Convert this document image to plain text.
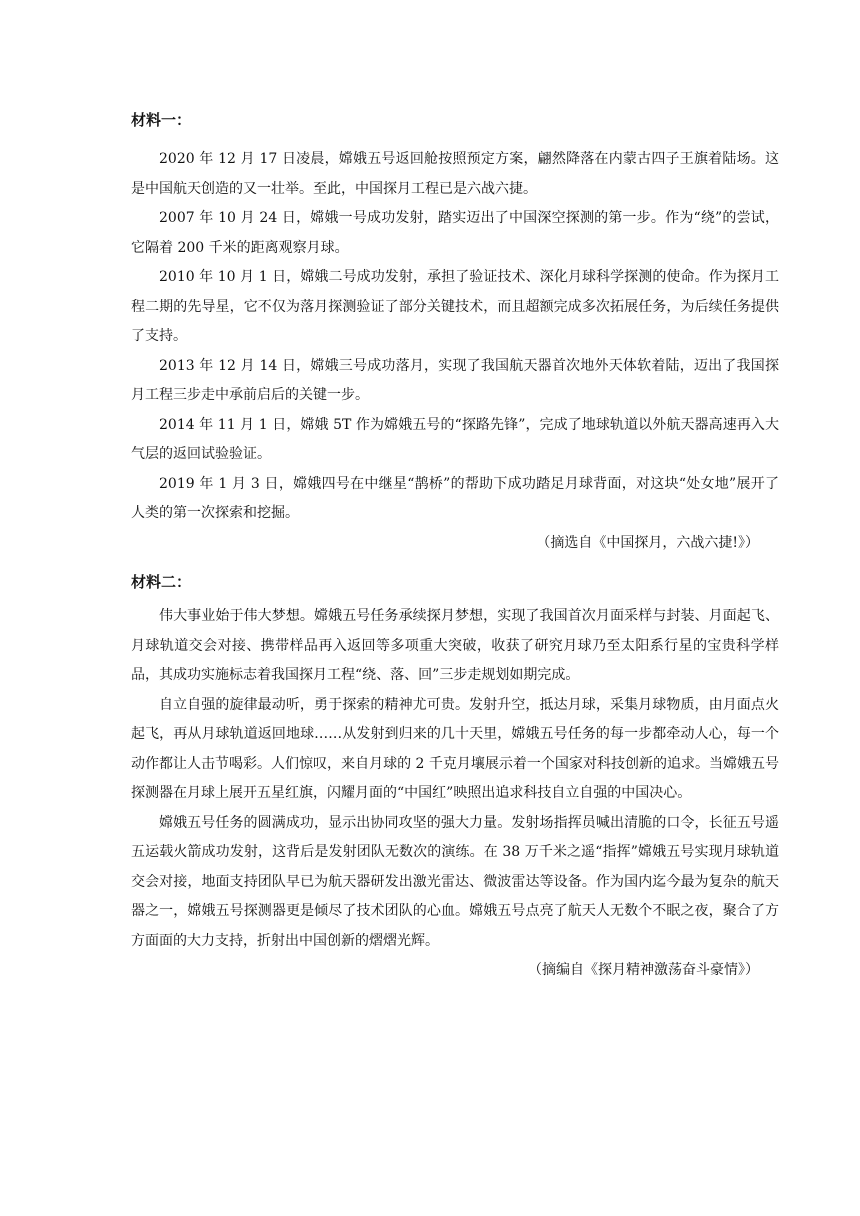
材料一：

2020 年 12 月 17 日凌晨，嫦娥五号返回舱按照预定方案，翩然降落在内蒙古四子王旗着陆场。这是中国航天创造的又一壮举。至此，中国探月工程已是六战六捷。

2007 年 10 月 24 日，嫦娥一号成功发射，踏实迈出了中国深空探测的第一步。作为“绕”的尝试，它隔着 200 千米的距离观察月球。

2010 年 10 月 1 日，嫦娥二号成功发射，承担了验证技术、深化月球科学探测的使命。作为探月工程二期的先导星，它不仅为落月探测验证了部分关键技术，而且超额完成多次拓展任务，为后续任务提供了支持。

2013 年 12 月 14 日，嫦娥三号成功落月，实现了我国航天器首次地外天体软着陆，迈出了我国探月工程三步走中承前启后的关键一步。

2014 年 11 月 1 日，嫦娥 5T 作为嫦娥五号的“探路先锋”，完成了地球轨道以外航天器高速再入大气层的返回试验验证。

2019 年 1 月 3 日，嫦娥四号在中继星“鹊桥”的帮助下成功踏足月球背面，对这块“处女地”展开了人类的第一次探索和挖掘。

（摘选自《中国探月，六战六捷!》）

材料二：

伟大事业始于伟大梦想。嫦娥五号任务承续探月梦想，实现了我国首次月面采样与封装、月面起飞、月球轨道交会对接、携带样品再入返回等多项重大突破，收获了研究月球乃至太阳系行星的宝贵科学样品，其成功实施标志着我国探月工程“绕、落、回”三步走规划如期完成。

自立自强的旋律最动听，勇于探索的精神尤可贵。发射升空，抵达月球，采集月球物质，由月面点火起飞，再从月球轨道返回地球……从发射到归来的几十天里，嫦娥五号任务的每一步都牵动人心，每一个动作都让人击节喝彩。人们惊叹，来自月球的 2 千克月壤展示着一个国家对科技创新的追求。当嫦娥五号探测器在月球上展开五星红旗，闪耀月面的“中国红”映照出追求科技自立自强的中国决心。

嫦娥五号任务的圆满成功，显示出协同攻坚的强大力量。发射场指挥员喊出清脆的口令，长征五号遥五运载火箭成功发射，这背后是发射团队无数次的演练。在 38 万千米之遥“指挥”嫦娥五号实现月球轨道交会对接，地面支持团队早已为航天器研发出激光雷达、微波雷达等设备。作为国内迄今最为复杂的航天器之一，嫦娥五号探测器更是倾尽了技术团队的心血。嫦娥五号点亮了航天人无数个不眠之夜，聚合了方方面面的大力支持，折射出中国创新的熠熠光辉。

（摘编自《探月精神激荡奋斗豪情》）
